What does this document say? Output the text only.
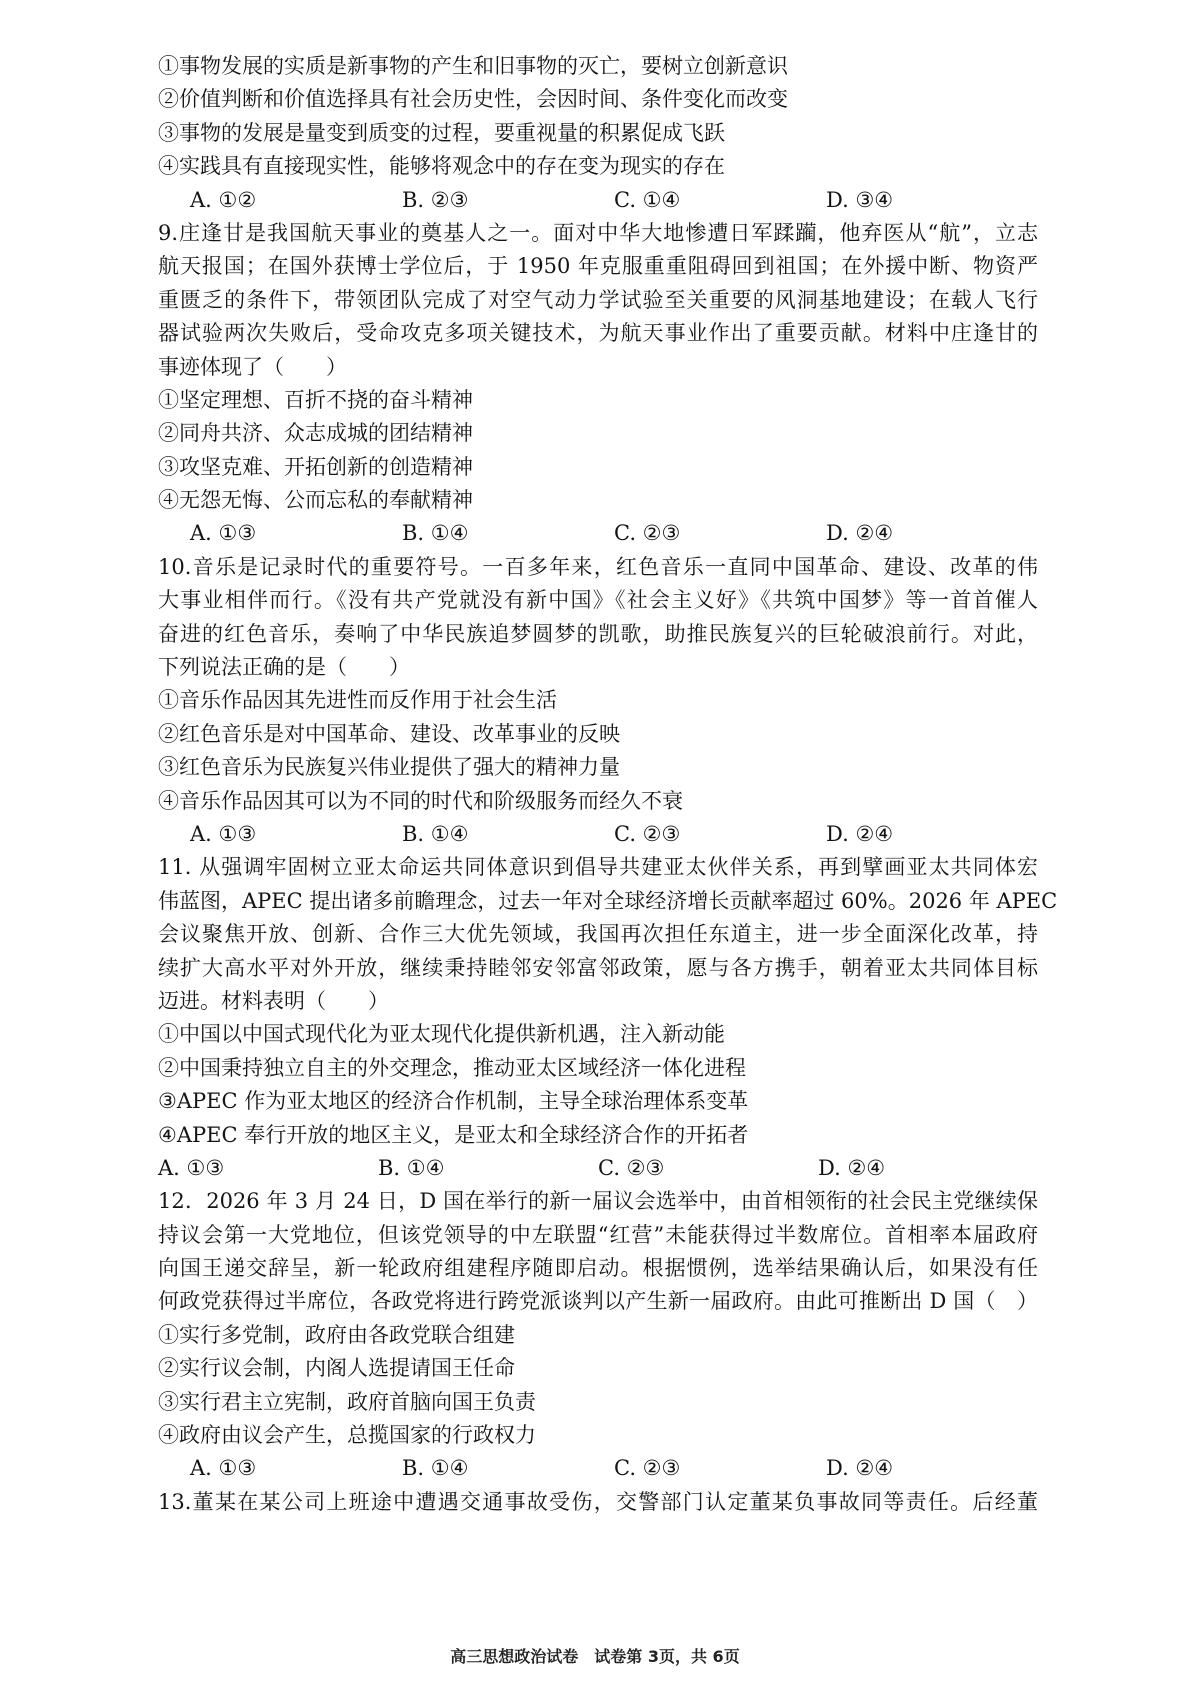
①事物发展的实质是新事物的产生和旧事物的灭亡，要树立创新意识
②价值判断和价值选择具有社会历史性，会因时间、条件变化而改变
③事物的发展是量变到质变的过程，要重视量的积累促成飞跃
④实践具有直接现实性，能够将观念中的存在变为现实的存在
A. ①②	B. ②③	C. ①④	D. ③④
9.庄逢甘是我国航天事业的奠基人之一。面对中华大地惨遭日军蹂躏，他弃医从“航”，立志
航天报国；在国外获博士学位后，于 1950 年克服重重阻碍回到祖国；在外援中断、物资严
重匮乏的条件下，带领团队完成了对空气动力学试验至关重要的风洞基地建设；在载人飞行
器试验两次失败后，受命攻克多项关键技术，为航天事业作出了重要贡献。材料中庄逢甘的
事迹体现了（　　）
①坚定理想、百折不挠的奋斗精神
②同舟共济、众志成城的团结精神
③攻坚克难、开拓创新的创造精神
④无怨无悔、公而忘私的奉献精神
A. ①③	B. ①④	C. ②③	D. ②④
10.音乐是记录时代的重要符号。一百多年来，红色音乐一直同中国革命、建设、改革的伟
大事业相伴而行。《没有共产党就没有新中国》《社会主义好》《共筑中国梦》等一首首催人
奋进的红色音乐，奏响了中华民族追梦圆梦的凯歌，助推民族复兴的巨轮破浪前行。对此，
下列说法正确的是（　　）
①音乐作品因其先进性而反作用于社会生活
②红色音乐是对中国革命、建设、改革事业的反映
③红色音乐为民族复兴伟业提供了强大的精神力量
④音乐作品因其可以为不同的时代和阶级服务而经久不衰
A. ①③	B. ①④	C. ②③	D. ②④
11. 从强调牢固树立亚太命运共同体意识到倡导共建亚太伙伴关系，再到擘画亚太共同体宏
伟蓝图，APEC 提出诸多前瞻理念，过去一年对全球经济增长贡献率超过 60%。2026 年 APEC
会议聚焦开放、创新、合作三大优先领域，我国再次担任东道主，进一步全面深化改革，持
续扩大高水平对外开放，继续秉持睦邻安邻富邻政策，愿与各方携手，朝着亚太共同体目标
迈进。材料表明（　　）
①中国以中国式现代化为亚太现代化提供新机遇，注入新动能
②中国秉持独立自主的外交理念，推动亚太区域经济一体化进程
③APEC 作为亚太地区的经济合作机制，主导全球治理体系变革
④APEC 奉行开放的地区主义，是亚太和全球经济合作的开拓者
A. ①③	B. ①④	C. ②③	D. ②④
12．2026 年 3 月 24 日，D 国在举行的新一届议会选举中，由首相领衔的社会民主党继续保
持议会第一大党地位，但该党领导的中左联盟“红营”未能获得过半数席位。首相率本届政府
向国王递交辞呈，新一轮政府组建程序随即启动。根据惯例，选举结果确认后，如果没有任
何政党获得过半席位，各政党将进行跨党派谈判以产生新一届政府。由此可推断出 D 国（　）
①实行多党制，政府由各政党联合组建
②实行议会制，内阁人选提请国王任命
③实行君主立宪制，政府首脑向国王负责
④政府由议会产生，总揽国家的行政权力
A. ①③	B. ①④	C. ②③	D. ②④
13.董某在某公司上班途中遭遇交通事故受伤，交警部门认定董某负事故同等责任。后经董
高三思想政治试卷　试卷第 3页，共 6页
